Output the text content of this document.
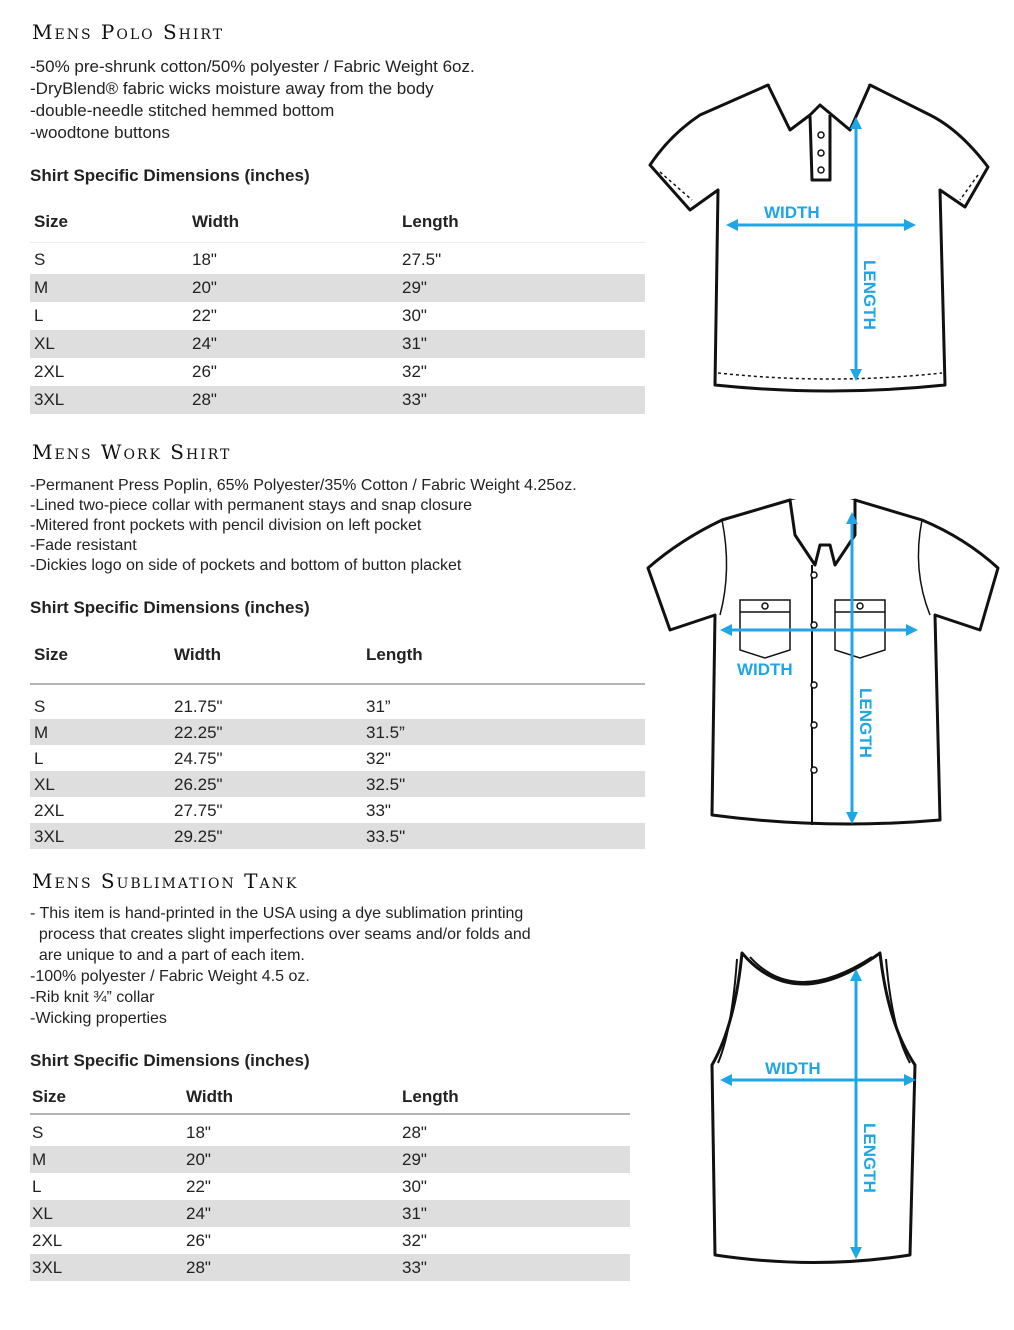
Mens Polo Shirt
-50% pre-shrunk cotton/50% polyester / Fabric Weight 6oz.
-DryBlend® fabric wicks moisture away from the body
-double-needle stitched hemmed bottom
-woodtone buttons
Shirt Specific Dimensions (inches)
Size	Width	Length
S	18"	27.5"
M	20"	29"
L	22"	30"
XL	24"	31"
2XL	26"	32"
3XL	28"	33"
WIDTH
LENGTH
Mens Work Shirt
-Permanent Press Poplin, 65% Polyester/35% Cotton / Fabric Weight 4.25oz.
-Lined two-piece collar with permanent stays and snap closure
-Mitered front pockets with pencil division on left pocket
-Fade resistant
-Dickies logo on side of pockets and bottom of button placket
Shirt Specific Dimensions (inches)
Size	Width	Length
S	21.75"	31”
M	22.25"	31.5”
L	24.75"	32"
XL	26.25"	32.5"
2XL	27.75"	33"
3XL	29.25"	33.5"
WIDTH
LENGTH
Mens Sublimation Tank
- This item is hand-printed in the USA using a dye sublimation printing
process that creates slight imperfections over seams and/or folds and
are unique to and a part of each item.
-100% polyester / Fabric Weight 4.5 oz.
-Rib knit ¾” collar
-Wicking properties
Shirt Specific Dimensions (inches)
Size	Width	Length
S	18"	28"
M	20"	29"
L	22"	30"
XL	24"	31"
2XL	26"	32"
3XL	28"	33"
WIDTH
LENGTH
